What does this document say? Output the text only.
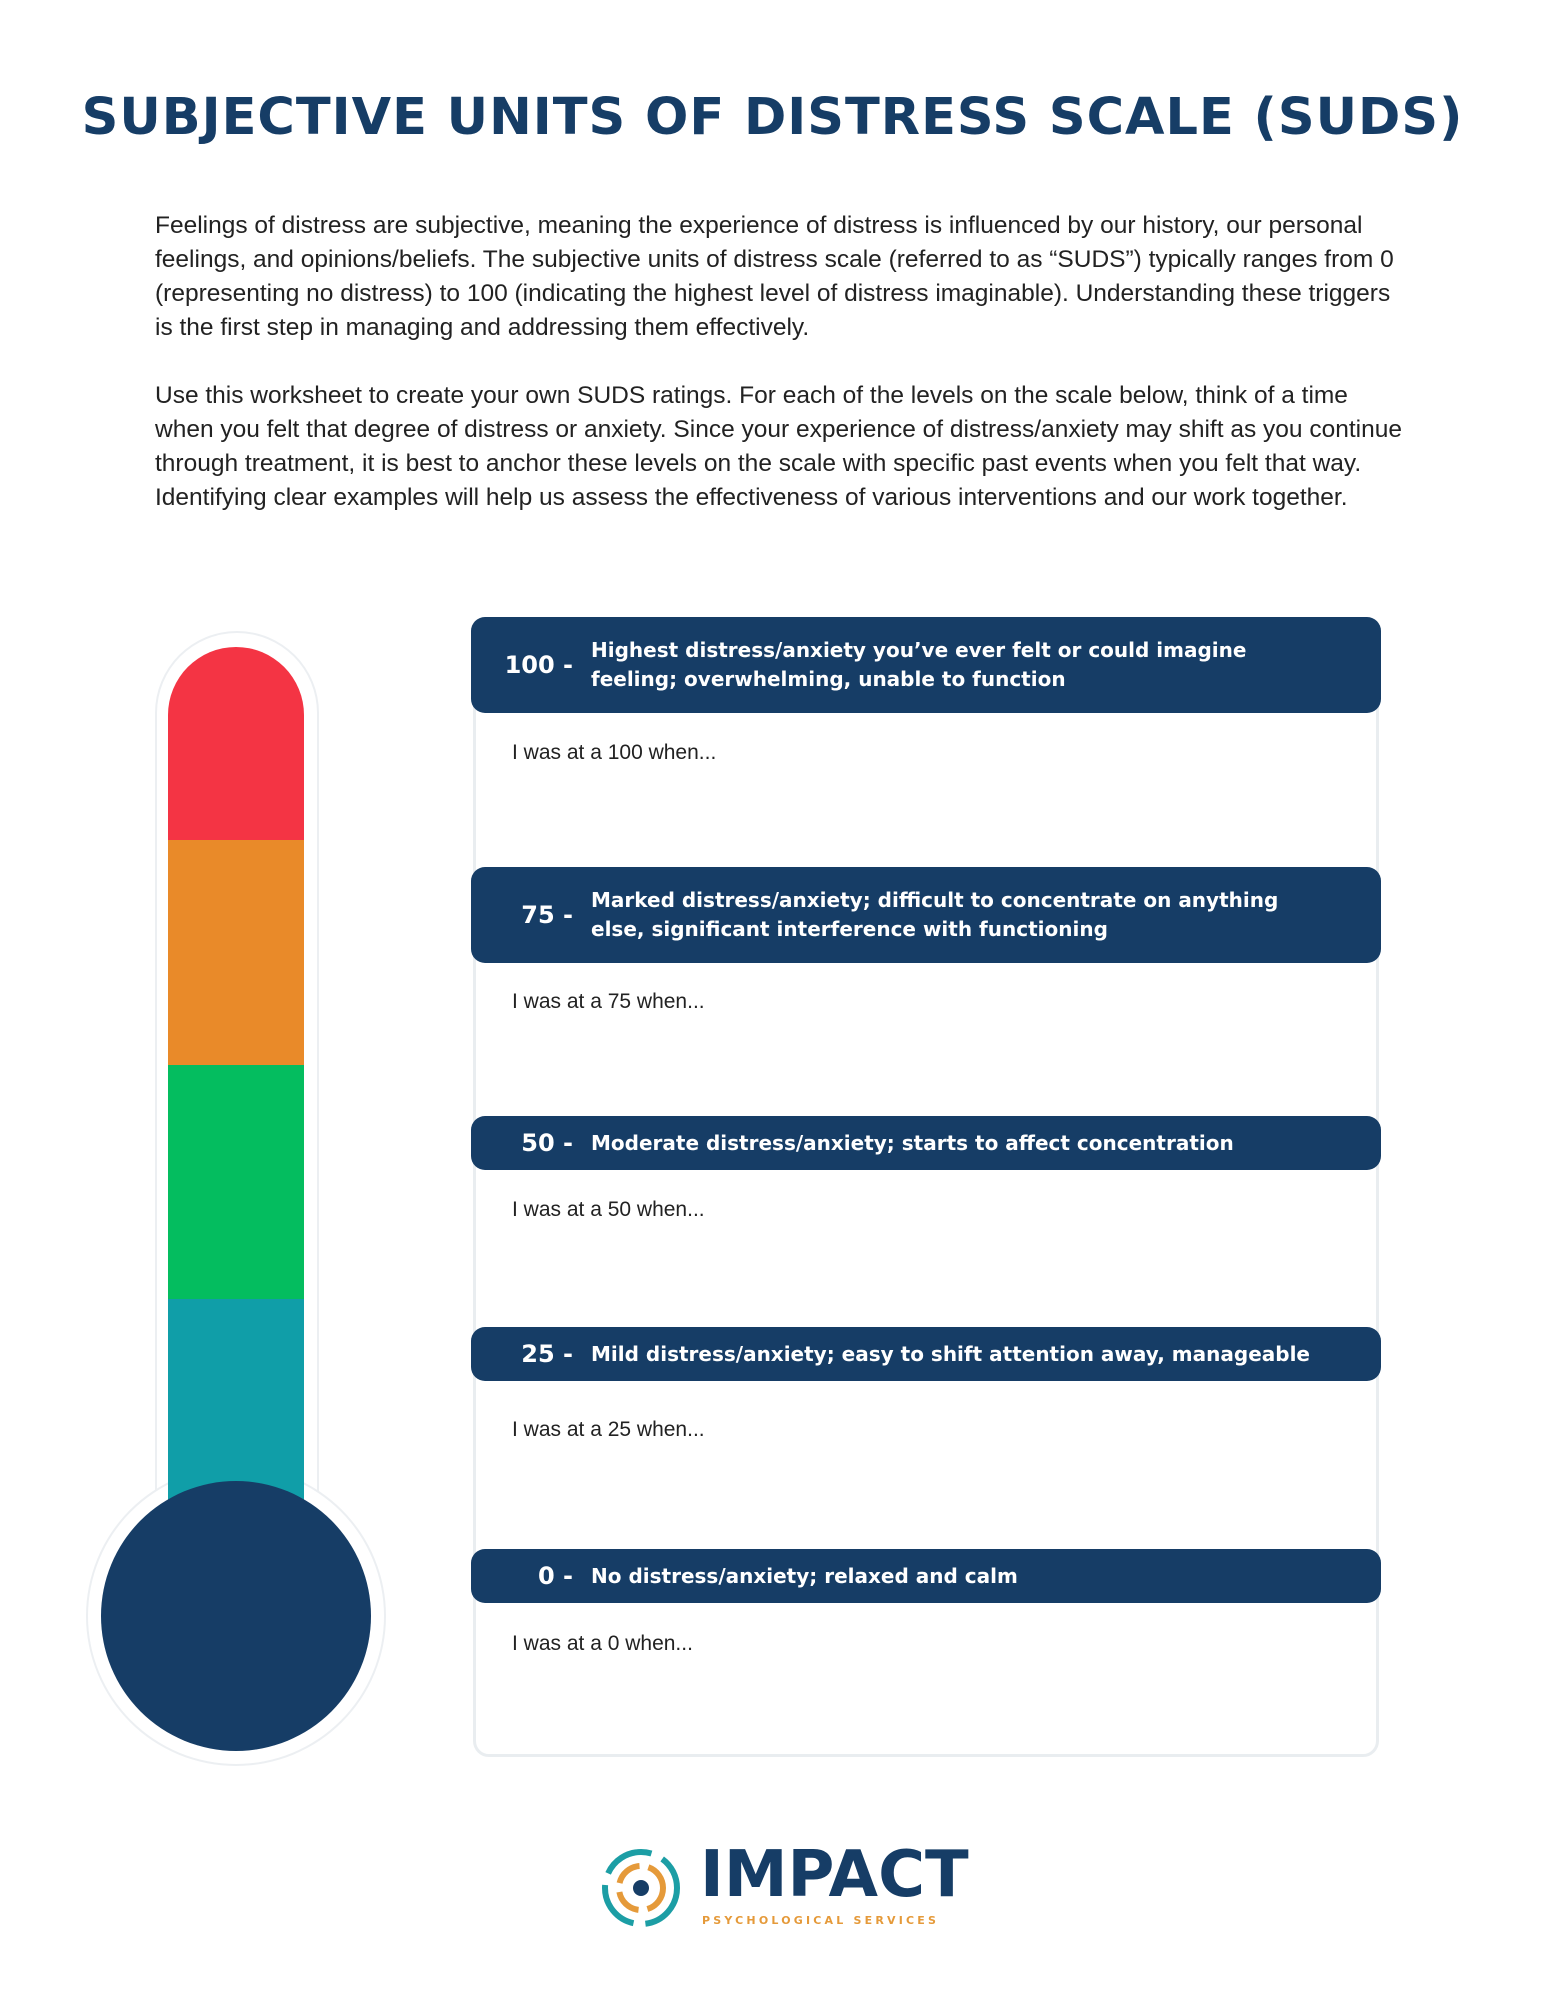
SUBJECTIVE UNITS OF DISTRESS SCALE (SUDS)

Feelings of distress are subjective, meaning the experience of distress is influenced by our history, our personal feelings, and opinions/beliefs. The subjective units of distress scale (referred to as “SUDS”) typically ranges from 0 (representing no distress) to 100 (indicating the highest level of distress imaginable). Understanding these triggers is the first step in managing and addressing them effectively.

Use this worksheet to create your own SUDS ratings. For each of the levels on the scale below, think of a time when you felt that degree of distress or anxiety. Since your experience of distress/anxiety may shift as you continue through treatment, it is best to anchor these levels on the scale with specific past events when you felt that way. Identifying clear examples will help us assess the effectiveness of various interventions and our work together.

100 -
Highest distress/anxiety you’ve ever felt or could imagine feeling; overwhelming, unable to function
I was at a 100 when...
75 -
Marked distress/anxiety; difficult to concentrate on anything else, significant interference with functioning
I was at a 75 when...
50 - Moderate distress/anxiety; starts to affect concentration
I was at a 50 when...
25 - Mild distress/anxiety; easy to shift attention away, manageable
I was at a 25 when...
0 - No distress/anxiety; relaxed and calm
I was at a 0 when...
IMPACT
PSYCHOLOGICAL SERVICES
